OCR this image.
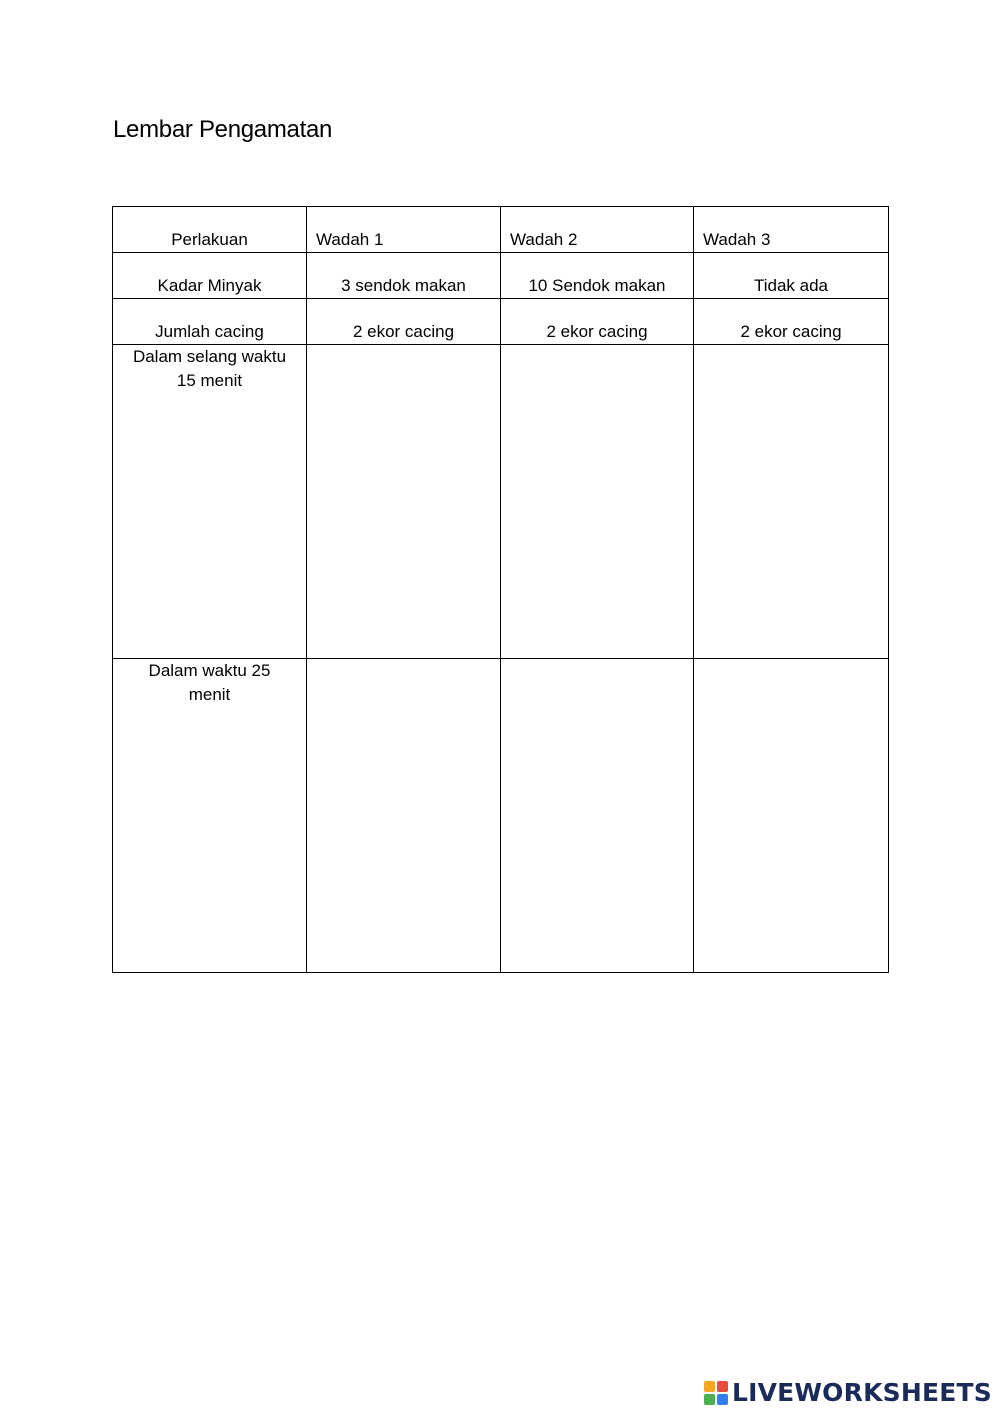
Lembar Pengamatan
Perlakuan	Wadah 1	Wadah 2	Wadah 3
Kadar Minyak	3 sendok makan	10 Sendok makan	Tidak ada
Jumlah cacing	2 ekor cacing	2 ekor cacing	2 ekor cacing
Dalam selang waktu 15 menit			
Dalam waktu 25 menit			
LIVEWORKSHEETS
